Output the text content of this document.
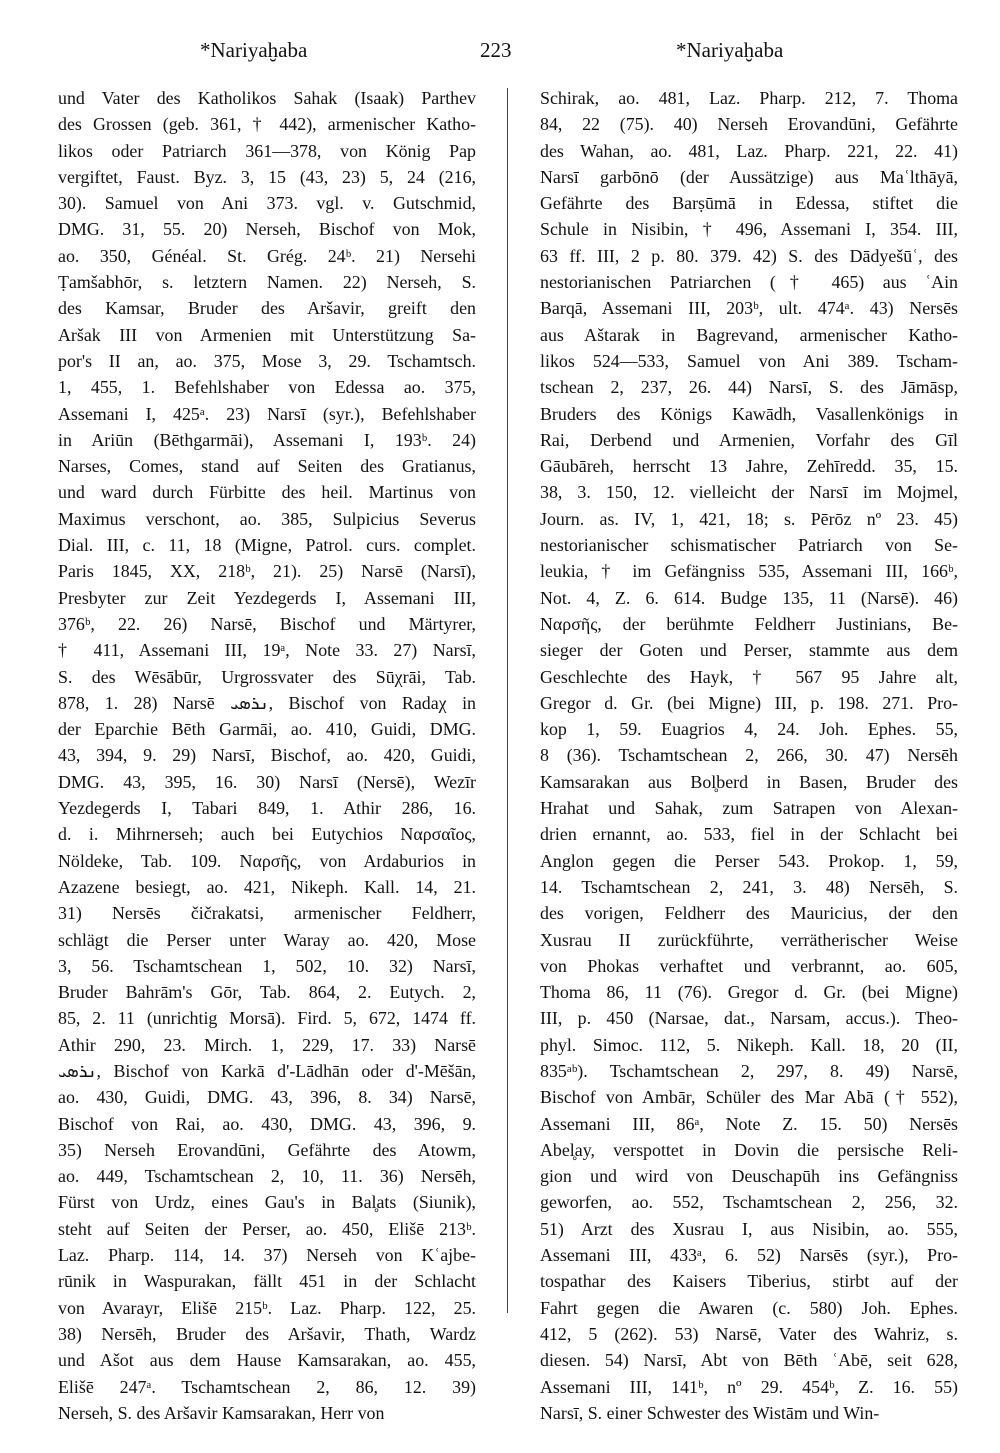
*Nariyaḫaba	223	*Nariyaḫaba
und Vater des Katholikos Sahak (Isaak) Parthev
des Grossen (geb. 361, † 442), armenischer Katho-
likos oder Patriarch 361—378, von König Pap
vergiftet, Faust. Byz. 3, 15 (43, 23) 5, 24 (216,
30). Samuel von Ani 373. vgl. v. Gutschmid,
DMG. 31, 55. 20) Nerseh, Bischof von Mok,
ao. 350, Généal. St. Grég. 24ᵇ. 21) Nersehi
Ṭamšabhōr, s. letztern Namen. 22) Nerseh, S.
des Kamsar, Bruder des Aršavir, greift den
Aršak III von Armenien mit Unterstützung Sa-
por's II an, ao. 375, Mose 3, 29. Tschamtsch.
1, 455, 1. Befehlshaber von Edessa ao. 375,
Assemani I, 425ᵃ. 23) Narsī (syr.), Befehlshaber
in Ariūn (Bēthgarmāi), Assemani I, 193ᵇ. 24)
Narses, Comes, stand auf Seiten des Gratianus,
und ward durch Fürbitte des heil. Martinus von
Maximus verschont, ao. 385, Sulpicius Severus
Dial. III, c. 11, 18 (Migne, Patrol. curs. complet.
Paris 1845, XX, 218ᵇ, 21). 25) Narsē (Narsī),
Presbyter zur Zeit Yezdegerds I, Assemani III,
376ᵇ, 22. 26) Narsē, Bischof und Märtyrer,
† 411, Assemani III, 19ᵃ, Note 33. 27) Narsī,
S. des Wēsābūr, Urgrossvater des Sūχrāi, Tab.
878, 1. 28) Narsē ܢܪܣܝ, Bischof von Radaχ in
der Eparchie Bēth Garmāi, ao. 410, Guidi, DMG.
43, 394, 9. 29) Narsī, Bischof, ao. 420, Guidi,
DMG. 43, 395, 16. 30) Narsī (Nersē), Wezīr
Yezdegerds I, Tabari 849, 1. Athir 286, 16.
d. i. Mihrnerseh; auch bei Eutychios Ναρσαῖος,
Nöldeke, Tab. 109. Ναρσῆς, von Ardaburios in
Azazene besiegt, ao. 421, Nikeph. Kall. 14, 21.
31) Nersēs čičrakatsi, armenischer Feldherr,
schlägt die Perser unter Waray ao. 420, Mose
3, 56. Tschamtschean 1, 502, 10. 32) Narsī,
Bruder Bahrām's Gōr, Tab. 864, 2. Eutych. 2,
85, 2. 11 (unrichtig Morsā). Fird. 5, 672, 1474 ff.
Athir 290, 23. Mirch. 1, 229, 17. 33) Narsē
ܢܪܣܝ, Bischof von Karkā d'-Lādhān oder d'-Mēšān,
ao. 430, Guidi, DMG. 43, 396, 8. 34) Narsē,
Bischof von Rai, ao. 430, DMG. 43, 396, 9.
35) Nerseh Erovandūni, Gefährte des Atowm,
ao. 449, Tschamtschean 2, 10, 11. 36) Nersēh,
Fürst von Urdz, eines Gau's in Bal̥ats (Siunik),
steht auf Seiten der Perser, ao. 450, Elišē 213ᵇ.
Laz. Pharp. 114, 14. 37) Nerseh von Kʿajbe-
rūnik in Waspurakan, fällt 451 in der Schlacht
von Avarayr, Elišē 215ᵇ. Laz. Pharp. 122, 25.
38) Nersēh, Bruder des Aršavir, Thath, Wardz
und Ašot aus dem Hause Kamsarakan, ao. 455,
Elišē 247ᵃ. Tschamtschean 2, 86, 12. 39)
Nerseh, S. des Aršavir Kamsarakan, Herr von
Schirak, ao. 481, Laz. Pharp. 212, 7. Thoma
84, 22 (75). 40) Nerseh Erovandūni, Gefährte
des Wahan, ao. 481, Laz. Pharp. 221, 22. 41)
Narsī garbōnō (der Aussätzige) aus Maʿlthāyā,
Gefährte des Barṣūmā in Edessa, stiftet die
Schule in Nisibin, † 496, Assemani I, 354. III,
63 ff. III, 2 p. 80. 379. 42) S. des Dādyešūʿ, des
nestorianischen Patriarchen († 465) aus ʿAin
Barqā, Assemani III, 203ᵇ, ult. 474ᵃ. 43) Nersēs
aus Aštarak in Bagrevand, armenischer Katho-
likos 524—533, Samuel von Ani 389. Tscham-
tschean 2, 237, 26. 44) Narsī, S. des Jāmāsp,
Bruders des Königs Kawādh, Vasallenkönigs in
Rai, Derbend und Armenien, Vorfahr des Gīl
Gāubāreh, herrscht 13 Jahre, Zehīredd. 35, 15.
38, 3. 150, 12. vielleicht der Narsī im Mojmel,
Journ. as. IV, 1, 421, 18; s. Pērōz nº 23. 45)
nestorianischer schismatischer Patriarch von Se-
leukia, † im Gefängniss 535, Assemani III, 166ᵇ,
Not. 4, Z. 6. 614. Budge 135, 11 (Narsē). 46)
Ναρσῆς, der berühmte Feldherr Justinians, Be-
sieger der Goten und Perser, stammte aus dem
Geschlechte des Hayk, † 567 95 Jahre alt,
Gregor d. Gr. (bei Migne) III, p. 198. 271. Pro-
kop 1, 59. Euagrios 4, 24. Joh. Ephes. 55,
8 (36). Tschamtschean 2, 266, 30. 47) Nersēh
Kamsarakan aus Bol̥berd in Basen, Bruder des
Hrahat und Sahak, zum Satrapen von Alexan-
drien ernannt, ao. 533, fiel in der Schlacht bei
Anglon gegen die Perser 543. Prokop. 1, 59,
14. Tschamtschean 2, 241, 3. 48) Nersēh, S.
des vorigen, Feldherr des Mauricius, der den
Xusrau II zurückführte, verrätherischer Weise
von Phokas verhaftet und verbrannt, ao. 605,
Thoma 86, 11 (76). Gregor d. Gr. (bei Migne)
III, p. 450 (Narsae, dat., Narsam, accus.). Theo-
phyl. Simoc. 112, 5. Nikeph. Kall. 18, 20 (II,
835ᵃᵇ). Tschamtschean 2, 297, 8. 49) Narsē,
Bischof von Ambār, Schüler des Mar Abā († 552),
Assemani III, 86ᵃ, Note Z. 15. 50) Nersēs
Abel̥ay, verspottet in Dovin die persische Reli-
gion und wird von Deuschapūh ins Gefängniss
geworfen, ao. 552, Tschamtschean 2, 256, 32.
51) Arzt des Xusrau I, aus Nisibin, ao. 555,
Assemani III, 433ᵃ, 6. 52) Narsēs (syr.), Pro-
tospathar des Kaisers Tiberius, stirbt auf der
Fahrt gegen die Awaren (c. 580) Joh. Ephes.
412, 5 (262). 53) Narsē, Vater des Wahriz, s.
diesen. 54) Narsī, Abt von Bēth ʿAbē, seit 628,
Assemani III, 141ᵇ, nº 29. 454ᵇ, Z. 16. 55)
Narsī, S. einer Schwester des Wistām und Win-
